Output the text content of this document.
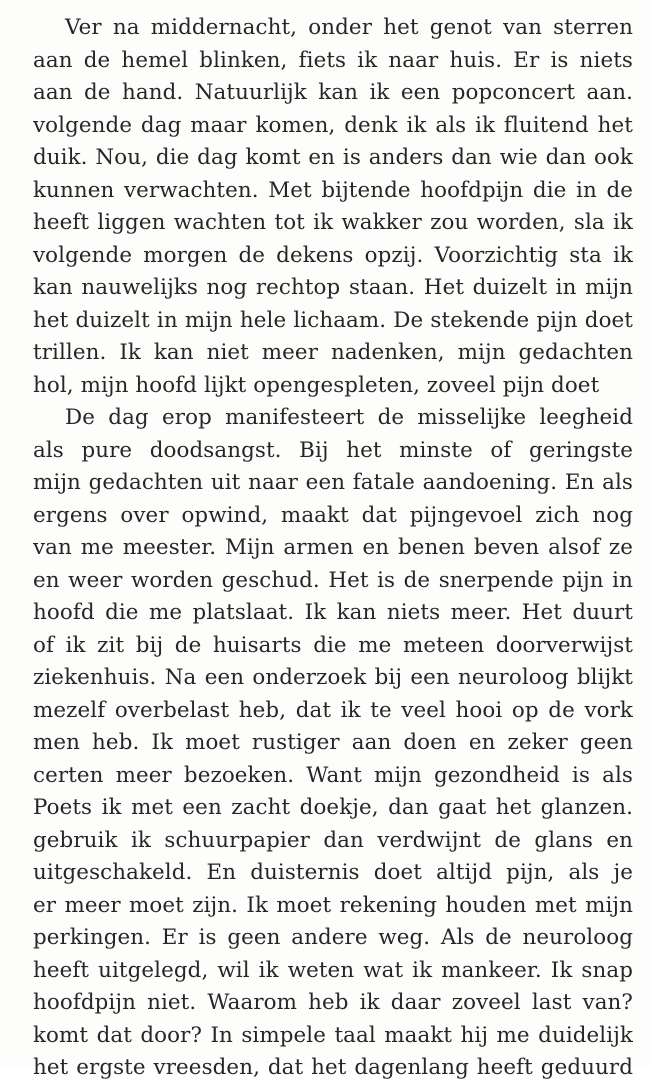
Ver na middernacht, onder het genot van sterren
aan de hemel blinken, fiets ik naar huis. Er is niets
aan de hand. Natuurlijk kan ik een popconcert aan.
volgende dag maar komen, denk ik als ik fluitend het
duik. Nou, die dag komt en is anders dan wie dan ook
kunnen verwachten. Met bijtende hoofdpijn die in de
heeft liggen wachten tot ik wakker zou worden, sla ik
volgende morgen de dekens opzij. Voorzichtig sta ik
kan nauwelijks nog rechtop staan. Het duizelt in mijn
het duizelt in mijn hele lichaam. De stekende pijn doet
trillen. Ik kan niet meer nadenken, mijn gedachten
hol, mijn hoofd lijkt opengespleten, zoveel pijn doet
De dag erop manifesteert de misselijke leegheid
als pure doodsangst. Bij het minste of geringste
mijn gedachten uit naar een fatale aandoening. En als
ergens over opwind, maakt dat pijngevoel zich nog
van me meester. Mijn armen en benen beven alsof ze
en weer worden geschud. Het is de snerpende pijn in
hoofd die me platslaat. Ik kan niets meer. Het duurt
of ik zit bij de huisarts die me meteen doorverwijst
ziekenhuis. Na een onderzoek bij een neuroloog blijkt
mezelf overbelast heb, dat ik te veel hooi op de vork
men heb. Ik moet rustiger aan doen en zeker geen
certen meer bezoeken. Want mijn gezondheid is als
Poets ik met een zacht doekje, dan gaat het glanzen.
gebruik ik schuurpapier dan verdwijnt de glans en
uitgeschakeld. En duisternis doet altijd pijn, als je
er meer moet zijn. Ik moet rekening houden met mijn
perkingen. Er is geen andere weg. Als de neuroloog
heeft uitgelegd, wil ik weten wat ik mankeer. Ik snap
hoofdpijn niet. Waarom heb ik daar zoveel last van?
komt dat door? In simpele taal maakt hij me duidelijk
het ergste vreesden, dat het dagenlang heeft geduurd
